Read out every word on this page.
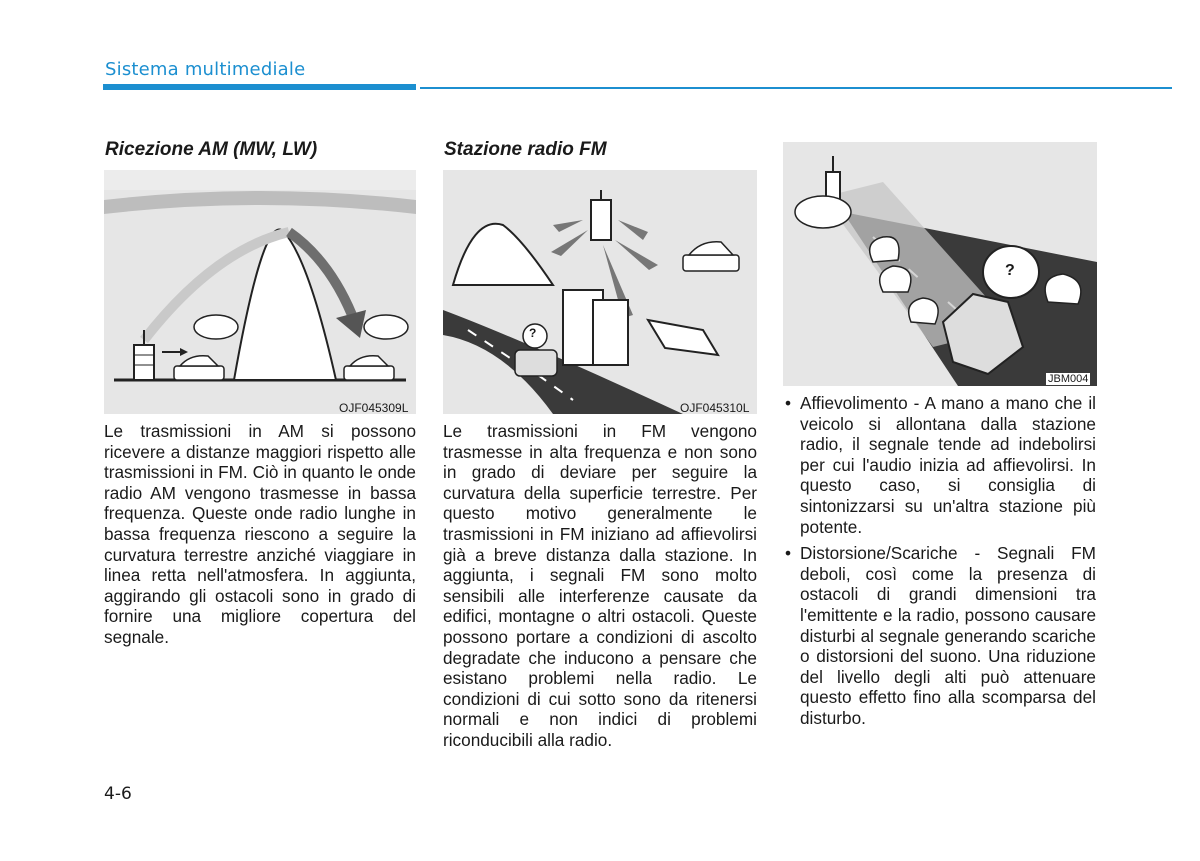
Sistema multimediale
Ricezione AM (MW, LW)
OJF045309L
Le trasmissioni in AM si possono ricevere a distanze maggiori rispetto alle trasmissioni in FM. Ciò in quanto le onde radio AM vengono trasmesse in bassa frequenza. Queste onde radio lunghe in bassa frequenza riescono a seguire la curvatura terrestre anziché viaggiare in linea retta nell'atmosfera. In aggiunta, aggirando gli ostacoli sono in grado di fornire una migliore copertura del segnale.
Stazione radio FM
?
OJF045310L
Le trasmissioni in FM vengono trasmesse in alta frequenza e non sono in grado di deviare per seguire la curvatura della superficie terrestre. Per questo motivo generalmente le trasmissioni in FM iniziano ad affievolirsi già a breve distanza dalla stazione. In aggiunta, i segnali FM sono molto sensibili alle interferenze causate da edifici, montagne o altri ostacoli. Queste possono portare a condizioni di ascolto degradate che inducono a pensare che esistano problemi nella radio. Le condizioni di cui sotto sono da ritenersi normali e non indici di problemi riconducibili alla radio.
?
JBM004
• Affievolimento - A mano a mano che il veicolo si allontana dalla stazione radio, il segnale tende ad indebolirsi per cui l'audio inizia ad affievolirsi. In questo caso, si consiglia di sintonizzarsi su un'altra stazione più potente.
• Distorsione/Scariche - Segnali FM deboli, così come la presenza di ostacoli di grandi dimensioni tra l'emittente e la radio, possono causare disturbi al segnale generando scariche o distorsioni del suono. Una riduzione del livello degli alti può attenuare questo effetto fino alla scomparsa del disturbo.
4-6
